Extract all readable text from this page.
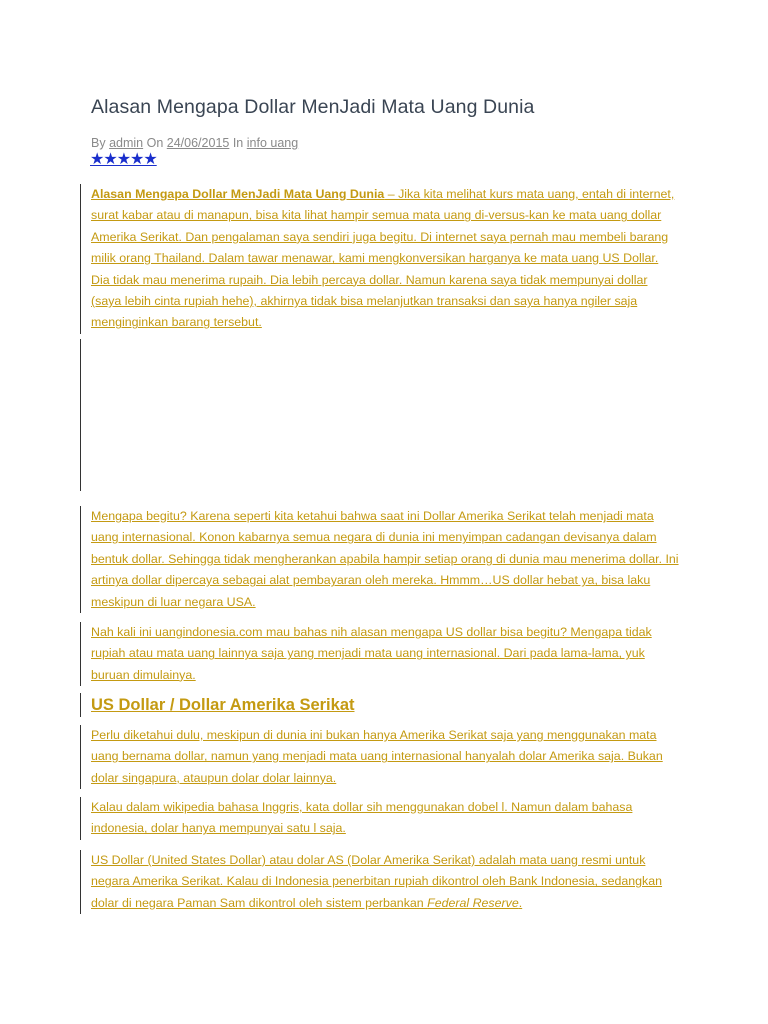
Alasan Mengapa Dollar MenJadi Mata Uang Dunia
By admin On 24/06/2015 In info uang
★★★★★

Alasan Mengapa Dollar MenJadi Mata Uang Dunia – Jika kita melihat kurs mata uang, entah di internet, surat kabar atau di manapun, bisa kita lihat hampir semua mata uang di-versus-kan ke mata uang dollar Amerika Serikat. Dan pengalaman saya sendiri juga begitu. Di internet saya pernah mau membeli barang milik orang Thailand. Dalam tawar menawar, kami mengkonversikan harganya ke mata uang US Dollar. Dia tidak mau menerima rupaih. Dia lebih percaya dollar. Namun karena saya tidak mempunyai dollar (saya lebih cinta rupiah hehe), akhirnya tidak bisa melanjutkan transaksi dan saya hanya ngiler saja menginginkan barang tersebut.

Mengapa begitu? Karena seperti kita ketahui bahwa saat ini Dollar Amerika Serikat telah menjadi mata uang internasional. Konon kabarnya semua negara di dunia ini menyimpan cadangan devisanya dalam bentuk dollar. Sehingga tidak mengherankan apabila hampir setiap orang di dunia mau menerima dollar. Ini artinya dollar dipercaya sebagai alat pembayaran oleh mereka. Hmmm…US dollar hebat ya, bisa laku meskipun di luar negara USA.

Nah kali ini uangindonesia.com mau bahas nih alasan mengapa US dollar bisa begitu? Mengapa tidak rupiah atau mata uang lainnya saja yang menjadi mata uang internasional. Dari pada lama-lama, yuk buruan dimulainya.

US Dollar / Dollar Amerika Serikat

Perlu diketahui dulu, meskipun di dunia ini bukan hanya Amerika Serikat saja yang menggunakan mata uang bernama dollar, namun yang menjadi mata uang internasional hanyalah dolar Amerika saja. Bukan dolar singapura, ataupun dolar dolar lainnya.

Kalau dalam wikipedia bahasa Inggris, kata dollar sih menggunakan dobel l. Namun dalam bahasa indonesia, dolar hanya mempunyai satu l saja.

US Dollar (United States Dollar) atau dolar AS (Dolar Amerika Serikat) adalah mata uang resmi untuk negara Amerika Serikat. Kalau di Indonesia penerbitan rupiah dikontrol oleh Bank Indonesia, sedangkan dolar di negara Paman Sam dikontrol oleh sistem perbankan Federal Reserve.
